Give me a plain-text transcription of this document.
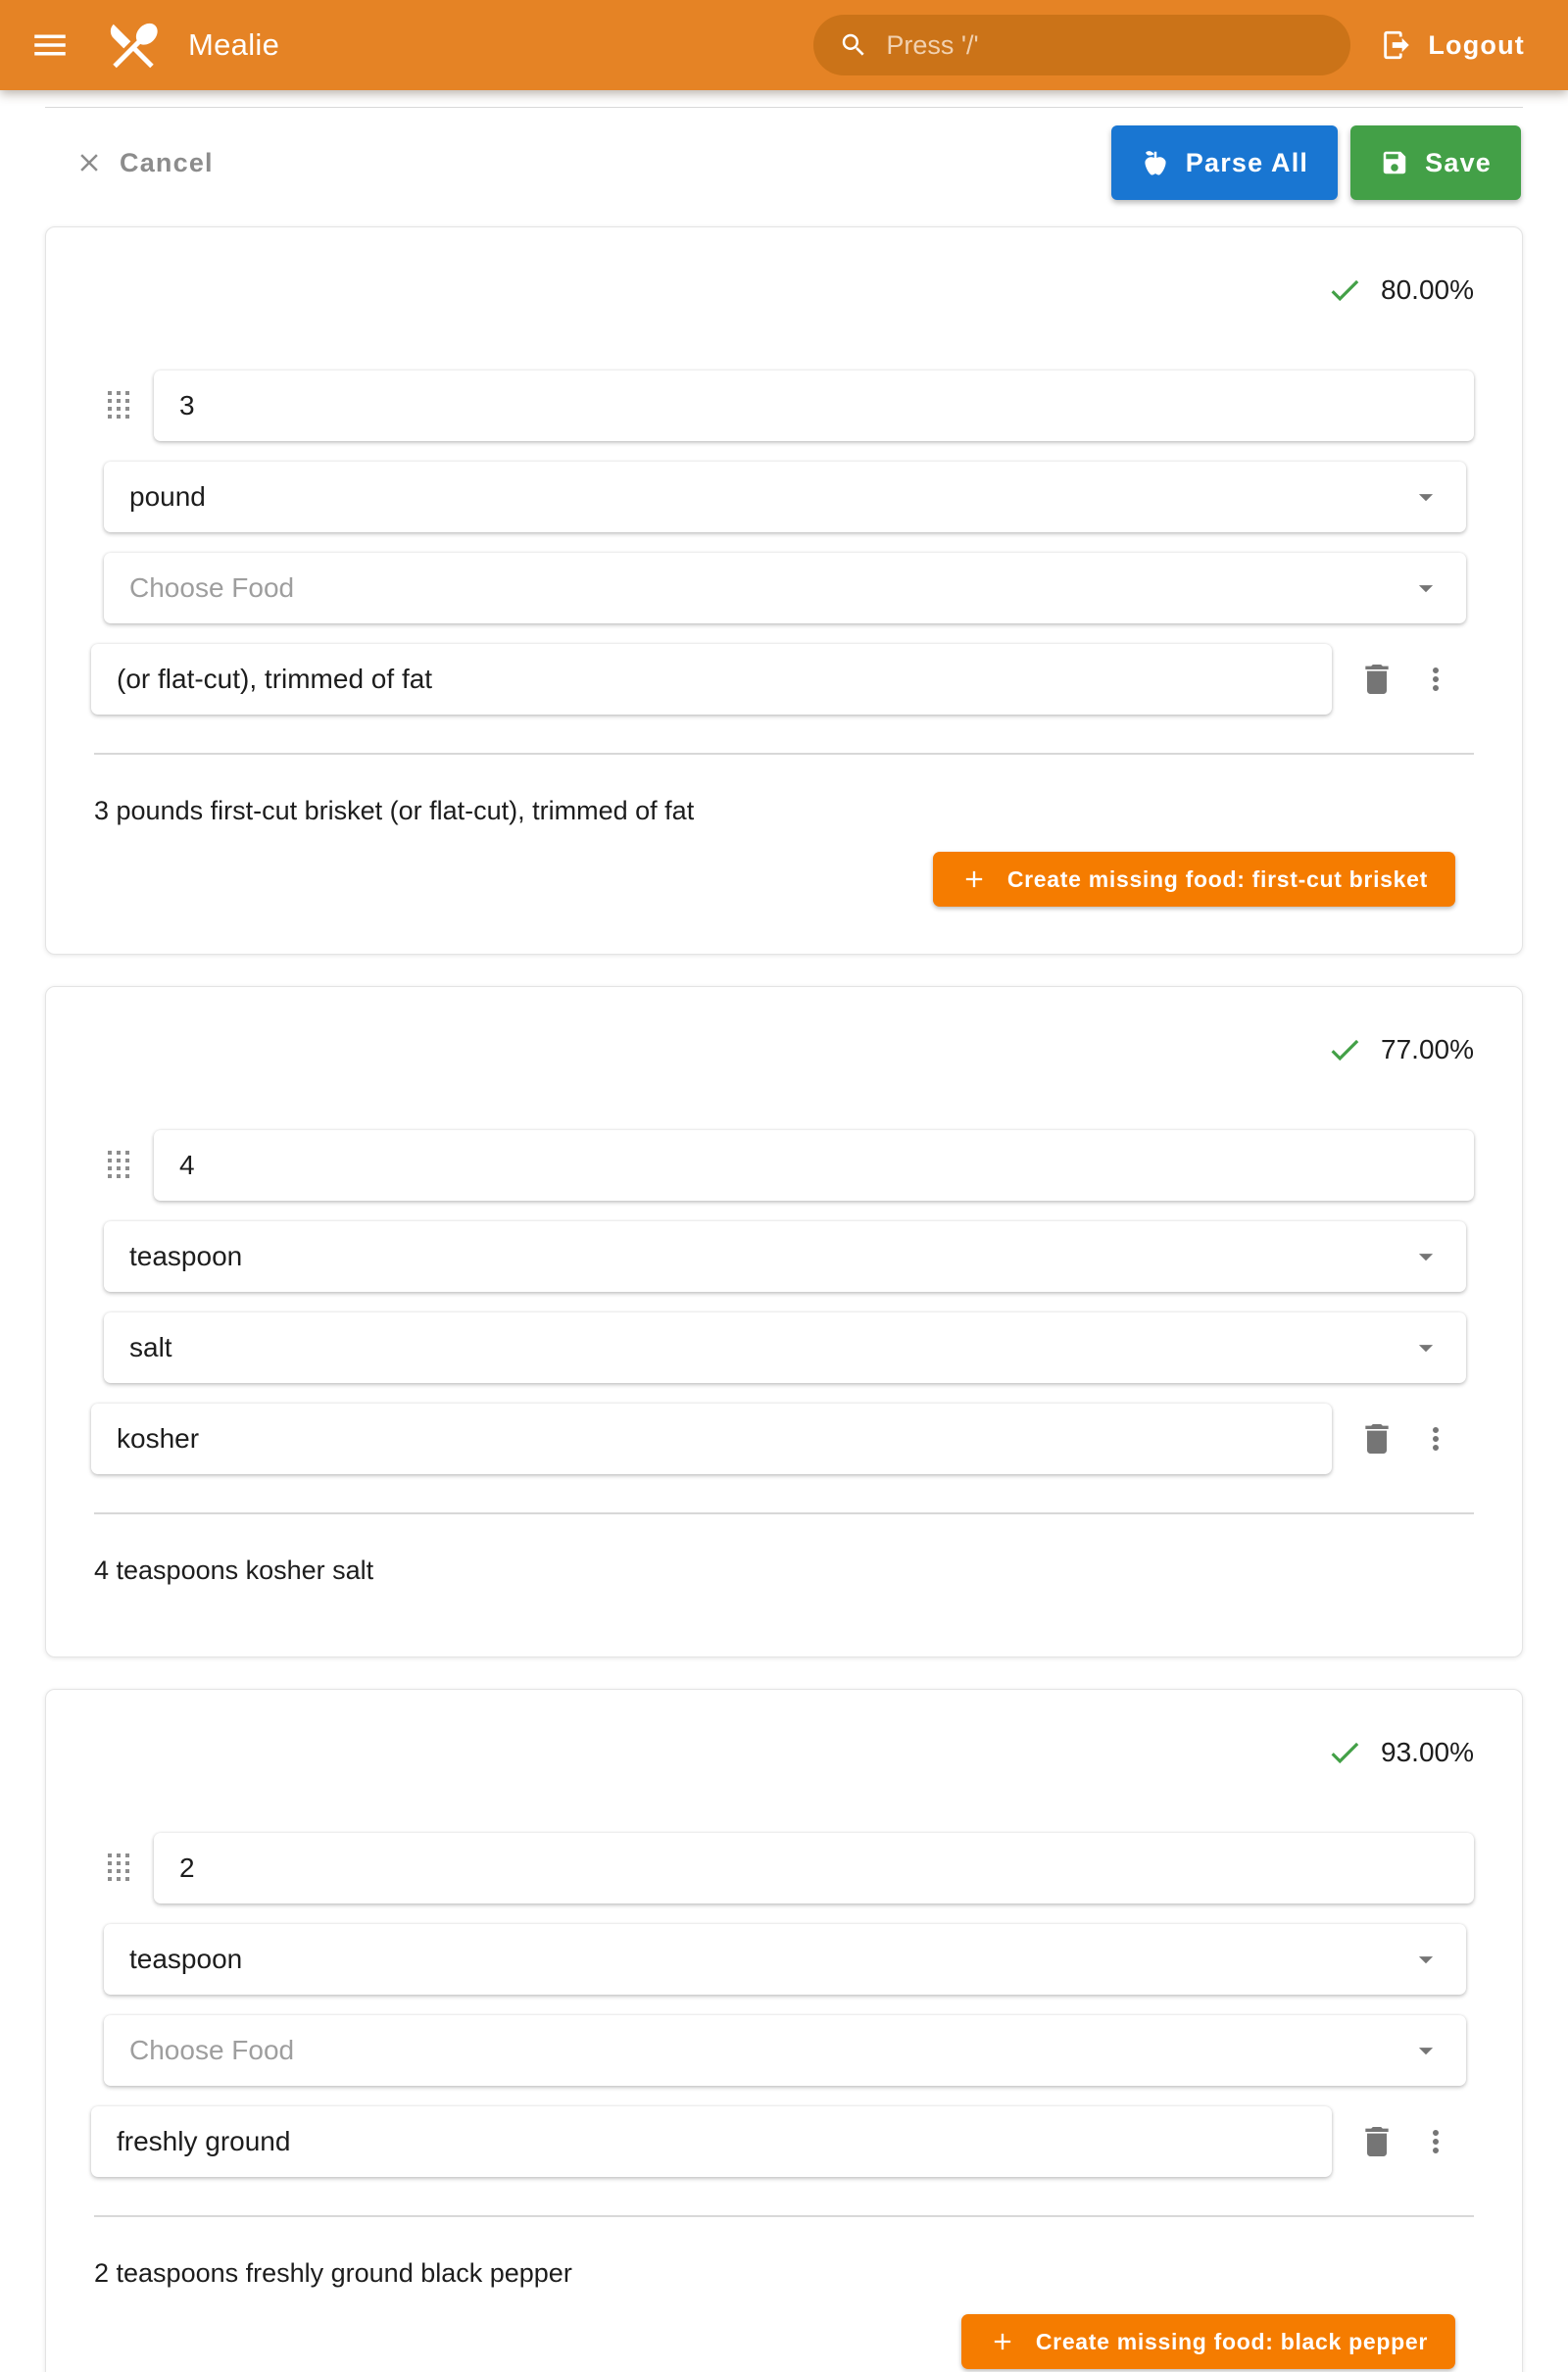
Mealie
Press '/'	Logout
Cancel	Parse All	Save
80.00%
3
pound
Choose Food
(or flat-cut), trimmed of fat

3 pounds first-cut brisket (or flat-cut), trimmed of fat

Create missing food: first-cut brisket
77.00%
4
teaspoon
salt
kosher

4 teaspoons kosher salt

93.00%
2
teaspoon
Choose Food
freshly ground

2 teaspoons freshly ground black pepper

Create missing food: black pepper
